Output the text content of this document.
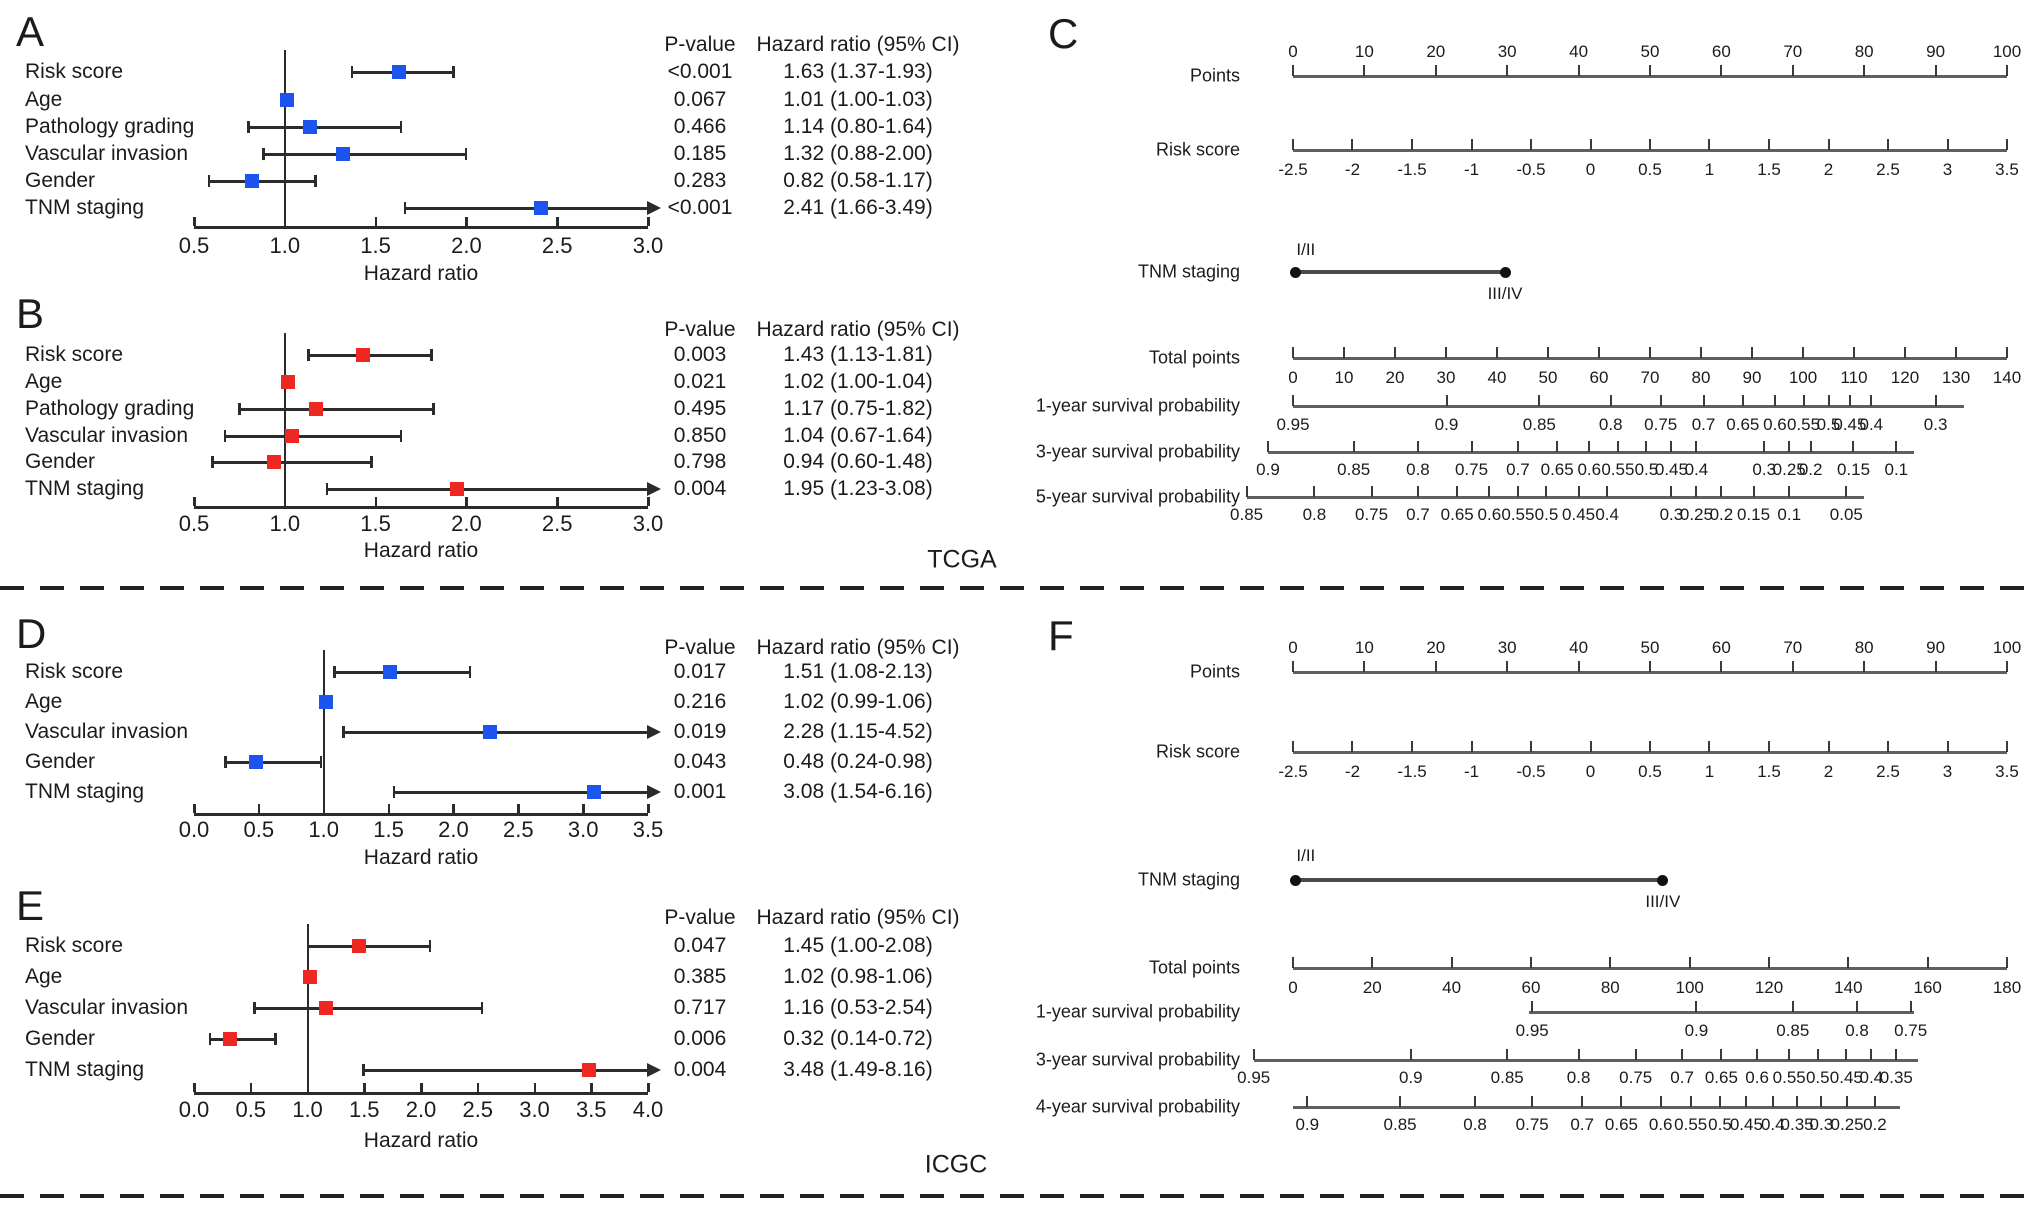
A	P-value Hazard ratio (95% CI)
Risk score	<0.001 1.63 (1.37-1.93)
Age	0.067	1.01 (1.00-1.03)
Pathology grading	0.466	1.14 (0.80-1.64)
Vascular invasion	0.185	1.32 (0.88-2.00)
Gender	0.283	0.82 (0.58-1.17)
TNM staging	<0.001 2.41 (1.66-3.49)
0.5	1.0	1.5	2.0	2.5	3.0
Hazard ratio
B	P-value Hazard ratio (95% CI)
Risk score	0.003	1.43 (1.13-1.81)
Age	0.021	1.02 (1.00-1.04)
Pathology grading	0.495	1.17 (0.75-1.82)
Vascular invasion	0.850	1.04 (0.67-1.64)
Gender	0.798	0.94 (0.60-1.48)
TNM staging	0.004	1.95 (1.23-3.08)
0.5	1.0	1.5	2.0	2.5	3.0
Hazard ratio
D	P-value Hazard ratio (95% CI)
Risk score	0.017	1.51 (1.08-2.13)
Age	0.216	1.02 (0.99-1.06)
Vascular invasion	0.019	2.28 (1.15-4.52)
Gender	0.043	0.48 (0.24-0.98)
TNM staging	0.001	3.08 (1.54-6.16)
0.0 0.5 1.0 1.5 2.0 2.5 3.0 3.5
Hazard ratio
E	P-value Hazard ratio (95% CI)
Risk score	0.047	1.45 (1.00-2.08)
Age	0.385	1.02 (0.98-1.06)
Vascular invasion	0.717	1.16 (0.53-2.54)
Gender	0.006	0.32 (0.14-0.72)
TNM staging	0.004	3.48 (1.49-8.16)
0.0 0.5 1.0 1.5 2.0 2.5 3.0 3.5 4.0
Hazard ratio
C
Points
0	10	20	30	40	50	60	70	80	90	100
Risk score
-2.5 -2 -1.5 -1 -0.5 0	0.5	1	1.5	2	2.5	3	3.5
TNM staging
I/II
III/IV
Total points
0 10 20 30 40 50 60 70 80 90 100 110 120 130 140
1-year survival probability
0.95	0.9	0.85	0.8 0.75 0.7 0.65 0.6 0.55
0.5
0.45
0.4 0.3
3-year survival probability
0.9	0.85 0.8 0.75 0.7 0.65 0.6 0.55 0.5
0.45
0.4	0.3
0.25
0.2 0.15 0.1
5-year survival probability
0.85 0.8 0.75 0.7 0.65 0.6 0.55 0.5 0.45 0.4 0.3
0.25
0.2 0.15 0.1 0.05
F
Points
0	10	20	30	40	50	60	70	80	90	100
Risk score
-2.5 -2 -1.5 -1 -0.5 0	0.5	1	1.5	2	2.5	3	3.5
TNM staging
I/II
III/IV
Total points
0	20	40	60	80	100	120	140	160	180
1-year survival probability
0.95	0.9	0.85 0.8 0.75
3-year survival probability
0.95	0.9	0.85	0.8 0.75 0.7 0.65 0.6 0.55 0.5 0.45
0.4
0.35
4-year survival probability
0.9	0.85	0.8 0.75 0.7 0.65 0.6 0.55 0.5
0.45
0.4
0.35
0.3
0.25 0.2
TCGA
ICGC
